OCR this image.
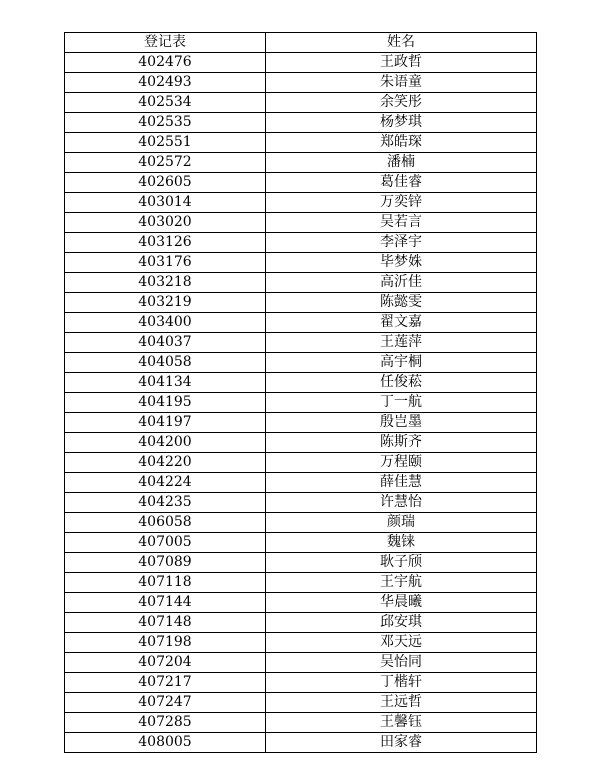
登记表	姓名
402476	王政哲
402493	朱语童
402534	余笑彤
402535	杨梦琪
402551	郑皓琛
402572	潘楠
402605	葛佳睿
403014	万奕锌
403020	吴若言
403126	李泽宇
403176	毕梦姝
403218	高沂佳
403219	陈懿雯
403400	翟文嘉
404037	王莲萍
404058	高宇桐
404134	任俊菘
404195	丁一航
404197	殷岂墨
404200	陈斯齐
404220	万程颐
404224	薛佳慧
404235	许慧怡
406058	颜瑞
407005	魏铼
407089	耿子颀
407118	王宇航
407144	华晨曦
407148	邱安琪
407198	邓天远
407204	吴怡同
407217	丁楷轩
407247	王远哲
407285	王馨钰
408005	田家睿
